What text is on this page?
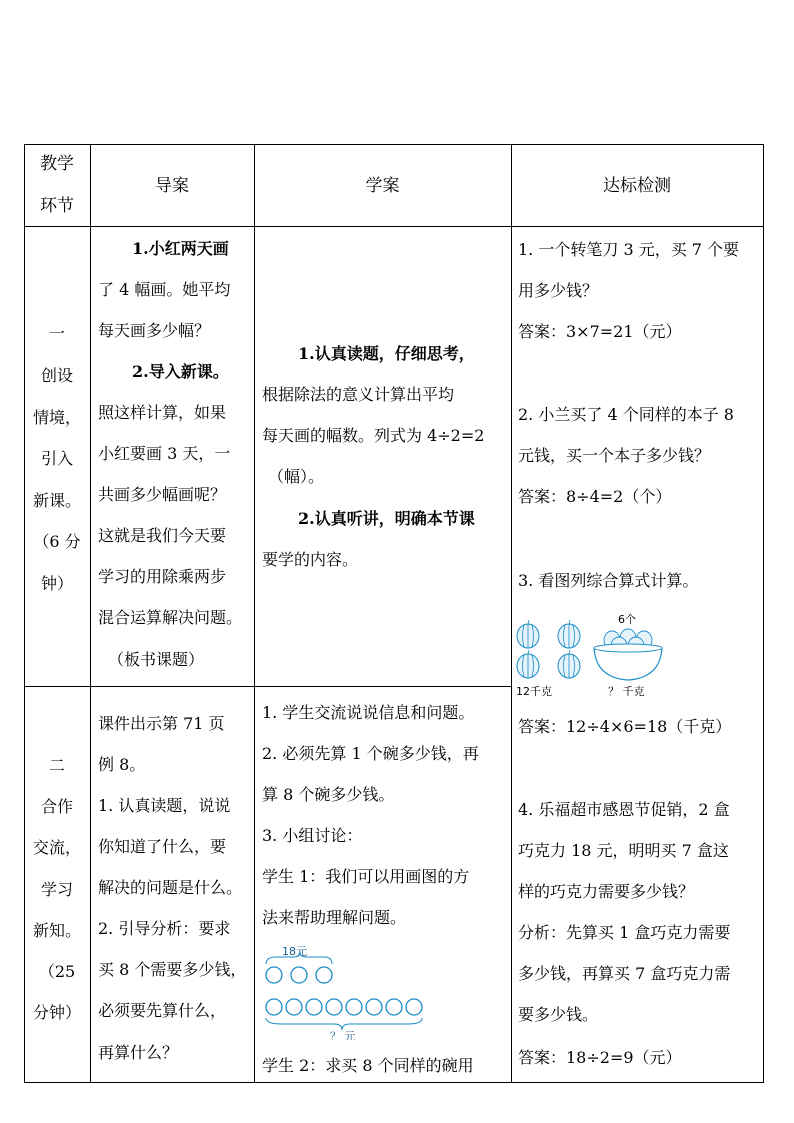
教学
环节
导案	学案	达标检测
一
创设
情境，
引入
新课。
（6 分
钟）
1.小红两天画
了 4 幅画。她平均
每天画多少幅？
2.导入新课。
照这样计算，如果
小红要画 3 天，一
共画多少幅画呢？
这就是我们今天要
学习的用除乘两步
混合运算解决问题。
（板书课题）
1.认真读题，仔细思考，
根据除法的意义计算出平均
每天画的幅数。列式为 4÷2=2
（幅）。
2.认真听讲，明确本节课
要学的内容。
二
合作
交流，
学习
新知。
（25
分钟）
课件出示第 71 页
例 8。
1. 认真读题，说说
你知道了什么，要
解决的问题是什么。
2. 引导分析：要求
买 8 个需要多少钱，
必须要先算什么，
再算什么？
1. 学生交流说说信息和问题。
2. 必须先算 1 个碗多少钱，再
算 8 个碗多少钱。
3. 小组讨论：
学生 1：我们可以用画图的方
法来帮助理解问题。
18元
？ 元
学生 2：求买 8 个同样的碗用
1. 一个转笔刀 3 元，买 7 个要
用多少钱？
答案：3×7=21（元）
2. 小兰买了 4 个同样的本子 8
元钱，买一个本子多少钱？
答案：8÷4=2（个）
3. 看图列综合算式计算。
12千克
6个
？ 千克
答案：12÷4×6=18（千克）
4. 乐福超市感恩节促销，2 盒
巧克力 18 元，明明买 7 盒这
样的巧克力需要多少钱？
分析：先算买 1 盒巧克力需要
多少钱，再算买 7 盒巧克力需
要多少钱。
答案：18÷2=9（元）
